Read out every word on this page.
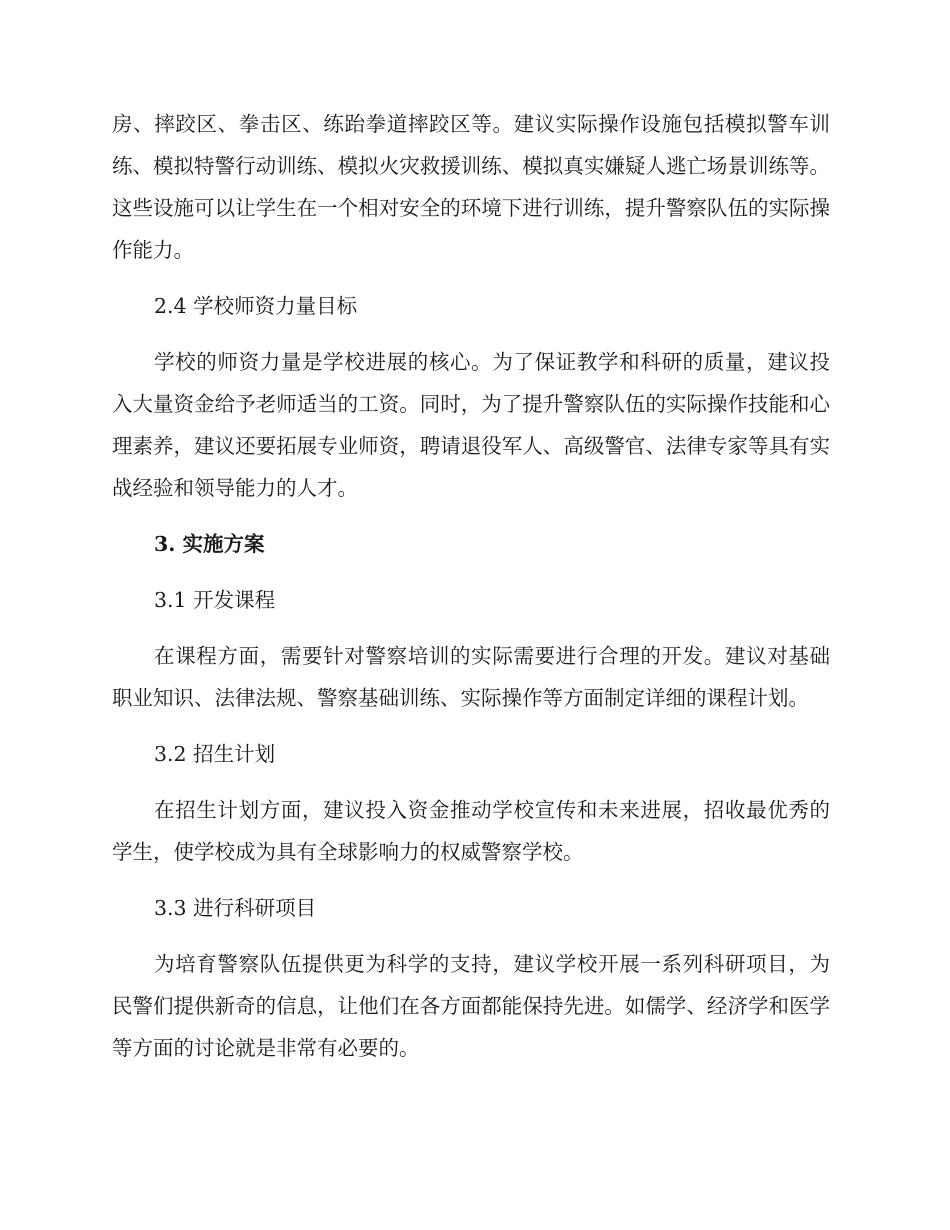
房、摔跤区、拳击区、练跆拳道摔跤区等。建议实际操作设施包括模拟警车训练、模拟特警行动训练、模拟火灾救援训练、模拟真实嫌疑人逃亡场景训练等。这些设施可以让学生在一个相对安全的环境下进行训练，提升警察队伍的实际操作能力。

2.4 学校师资力量目标

学校的师资力量是学校进展的核心。为了保证教学和科研的质量，建议投入大量资金给予老师适当的工资。同时，为了提升警察队伍的实际操作技能和心理素养，建议还要拓展专业师资，聘请退役军人、高级警官、法律专家等具有实战经验和领导能力的人才。

3. 实施方案

3.1 开发课程

在课程方面，需要针对警察培训的实际需要进行合理的开发。建议对基础职业知识、法律法规、警察基础训练、实际操作等方面制定详细的课程计划。

3.2 招生计划

在招生计划方面，建议投入资金推动学校宣传和未来进展，招收最优秀的学生，使学校成为具有全球影响力的权威警察学校。

3.3 进行科研项目

为培育警察队伍提供更为科学的支持，建议学校开展一系列科研项目，为民警们提供新奇的信息，让他们在各方面都能保持先进。如儒学、经济学和医学等方面的讨论就是非常有必要的。
